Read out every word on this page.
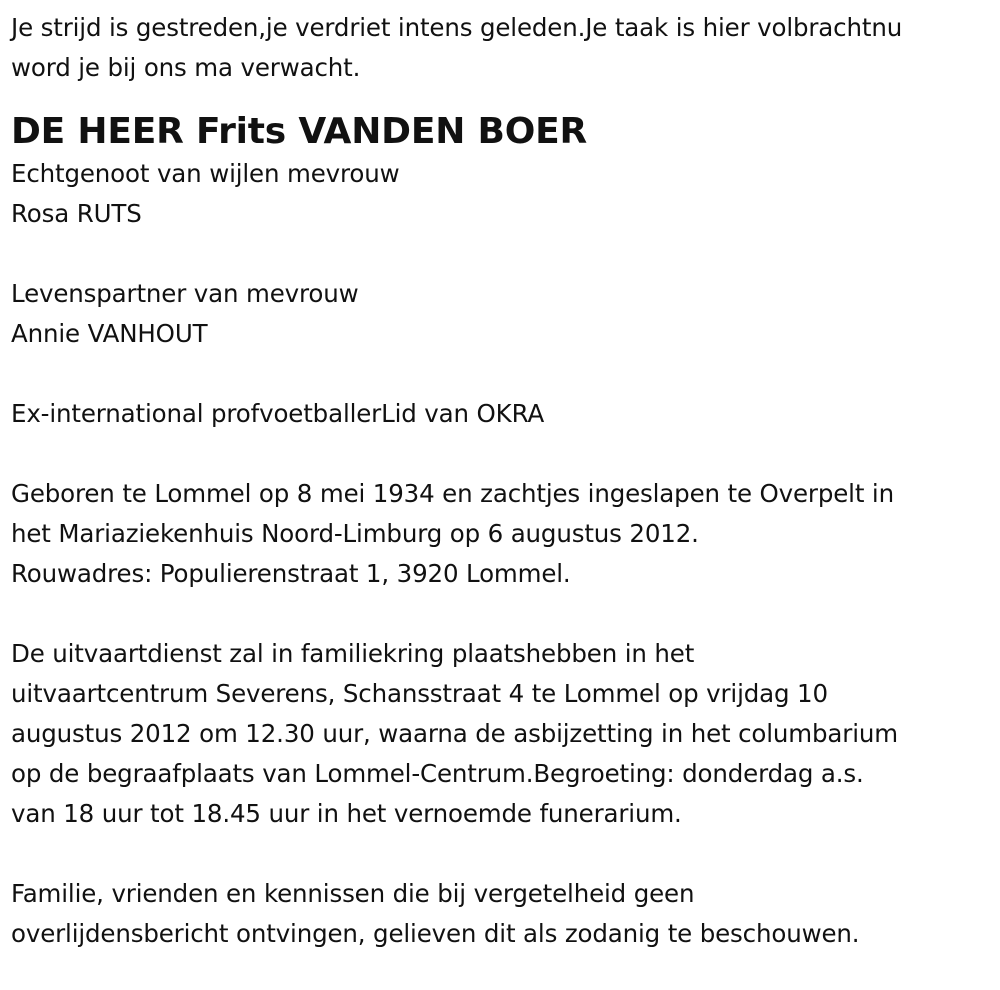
Je strijd is gestreden,je verdriet intens geleden.Je taak is hier volbrachtnu
word je bij ons ma verwacht.
DE HEER Frits VANDEN BOER
Echtgenoot van wijlen mevrouw
Rosa RUTS
Levenspartner van mevrouw
Annie VANHOUT
Ex-international profvoetballerLid van OKRA
Geboren te Lommel op 8 mei 1934 en zachtjes ingeslapen te Overpelt in
het Mariaziekenhuis Noord-Limburg op 6 augustus 2012.
Rouwadres: Populierenstraat 1, 3920 Lommel.
De uitvaartdienst zal in familiekring plaatshebben in het
uitvaartcentrum Severens, Schansstraat 4 te Lommel op vrijdag 10
augustus 2012 om 12.30 uur, waarna de asbijzetting in het columbarium
op de begraafplaats van Lommel-Centrum.Begroeting: donderdag a.s.
van 18 uur tot 18.45 uur in het vernoemde funerarium.
Familie, vrienden en kennissen die bij vergetelheid geen
overlijdensbericht ontvingen, gelieven dit als zodanig te beschouwen.
